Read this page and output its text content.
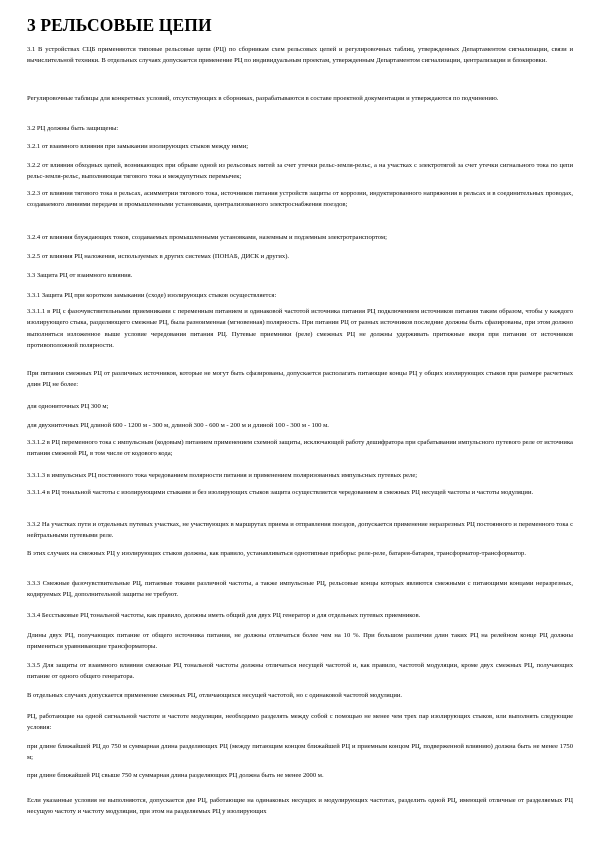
3 РЕЛЬСОВЫЕ ЦЕПИ

3.1 В устройствах СЦБ применяются типовые рельсовые цепи (РЦ) по сборникам схем рельсовых цепей и регулировочных таблиц, утвержденных Департаментом сигнализации, связи и вычислительной техники. В отдельных случаях допускается применение РЦ по индивидуальным проектам, утвержденным Департаментом сигнализации, централизации и блокировки.

Регулировочные таблицы для конкретных условий, отсутствующих в сборниках, разрабатываются в составе проектной документации и утверждаются по подчинению.

3.2 РЦ должны быть защищены:

3.2.1 от взаимного влияния при замыкании изолирующих стыков между ними;

3.2.2 от влияния обходных цепей, возникающих при обрыве одной из рельсовых нитей за счет утечки рельс-земля-рельс, а на участках с электротягой за счет утечки сигнального тока по цепи рельс-земля-рельс, выполняющая тягового тока и междупутных перемычек;

3.2.3 от влияния тягового тока в рельсах, асимметрии тягового тока, источников питания устройств защиты от коррозии, индуктированного напряжения в рельсах и в соединительных проводах, создаваемого линиями передачи и промышленными установками, централизованного электроснабжения поездов;

3.2.4 от влияния блуждающих токов, создаваемых промышленными установками, наземным и подземным электротранспортом;

3.2.5 от влияния РЦ наложения, используемых в других системах (ПОНАБ, ДИСК и других).

3.3 Защита РЦ от взаимного влияния.

3.3.1 Защита РЦ при коротком замыкании (сходе) изолирующих стыков осуществляется:

3.3.1.1 в РЦ с фазочувствительными приемниками с переменным питанием и одинаковой частотой источника питания РЦ подключением источников питания таким образом, чтобы у каждого изолирующего стыка, разделяющего смежные РЦ, была разноименная (мгновенная) полярность. При питании РЦ от разных источников последние должны быть сфазированы, при этом должно выполняться изложенное выше условие чередования питания РЦ. Путевые приемники (реле) смежных РЦ не должны удерживать притяжные якоря при питании от источников противоположной полярности.

При питании смежных РЦ от различных источников, которые не могут быть сфазированы, допускается располагать питающие концы РЦ у общих изолирующих стыков при размере расчетных длин РЦ не более:

для однониточных РЦ 300 м;

для двухниточных РЦ длиной 600 - 1200 м - 300 м, длиной 300 - 600 м - 200 м и длиной 100 - 300 м - 100 м.

3.3.1.2 в РЦ переменного тока с импульсным (кодовым) питанием применением схемной защиты, исключающей работу дешифратора при срабатывании импульсного путевого реле от источника питания смежной РЦ, в том числе от кодового кода;

3.3.1.3 в импульсных РЦ постоянного тока чередованием полярности питания и применением поляризованных импульсных путевых реле;

3.3.1.4 в РЦ тональной частоты с изолирующими стыками и без изолирующих стыков защита осуществляется чередованием в смежных РЦ несущей частоты и частоты модуляции.

3.3.2 На участках пути и отдельных путевых участках, не участвующих в маршрутах приема и отправления поездов, допускается применение неразрезных РЦ постоянного и переменного тока с нейтральными путевыми реле.

В этих случаях на смежных РЦ у изолирующих стыков должны, как правило, устанавливаться однотипные приборы: реле-реле, батарея-батарея, трансформатор-трансформатор.

3.3.3 Смежные фазочувствительные РЦ, питаемые токами различной частоты, а также импульсные РЦ, рельсовые концы которых являются смежными с питающими концами неразрезных, кодируемых РЦ, дополнительной защиты не требуют.

3.3.4 Бесстыковые РЦ тональной частоты, как правило, должны иметь общий для двух РЦ генератор и для отдельных путевых приемников.

Длины двух РЦ, получающих питание от общего источника питания, не должны отличаться более чем на 10 %. При большом различии длин таких РЦ на релейном конце РЦ должны применяться уравнивающие трансформаторы.

3.3.5 Для защиты от взаимного влияния смежные РЦ тональной частоты должны отличаться несущей частотой и, как правило, частотой модуляции, кроме двух смежных РЦ, получающих питание от одного общего генератора.

В отдельных случаях допускается применение смежных РЦ, отличающихся несущей частотой, но с одинаковой частотой модуляции.

РЦ, работающие на одной сигнальной частоте и частоте модуляции, необходимо разделять между собой с помощью не менее чем трех пар изолирующих стыков, или выполнять следующие условия:

при длине ближайшей РЦ до 750 м суммарная длина разделяющих РЦ (между питающим концом ближайшей РЦ и приемным концом РЦ, подверженной влиянию) должна быть не менее 1750 м;

при длине ближайшей РЦ свыше 750 м суммарная длина разделяющих РЦ должна быть не менее 2000 м.

Если указанные условия не выполняются, допускается две РЦ, работающие на одинаковых несущих и модулирующих частотах, разделить одной РЦ, имеющей отличные от разделяемых РЦ несущую частоту и частоту модуляции, при этом на разделяемых РЦ у изолирующих
